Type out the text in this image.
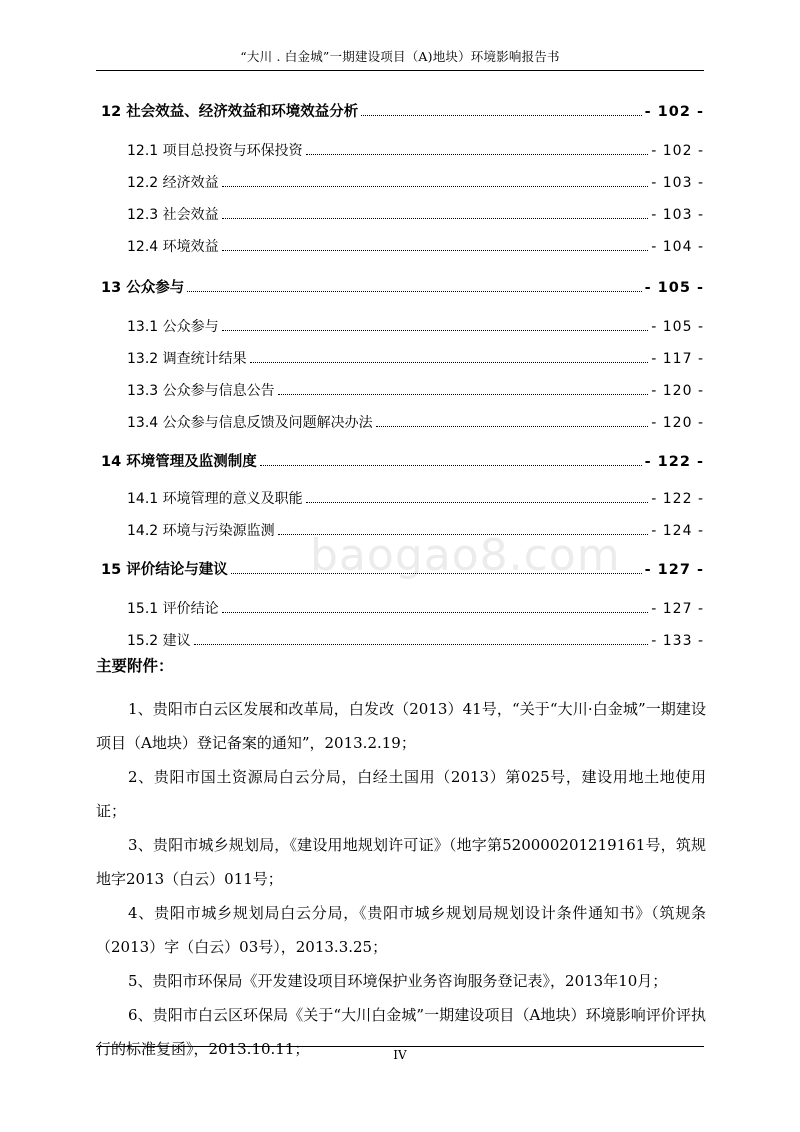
“大川 . 白金城”一期建设项目（A)地块）环境影响报告书
baogao8.com
12 社会效益、经济效益和环境效益分析	- 102 -
12.1 项目总投资与环保投资	- 102 -
12.2 经济效益	- 103 -
12.3 社会效益	- 103 -
12.4 环境效益	- 104 -
13 公众参与	- 105 -
13.1 公众参与	- 105 -
13.2 调查统计结果	- 117 -
13.3 公众参与信息公告	- 120 -
13.4 公众参与信息反馈及问题解决办法	- 120 -
14 环境管理及监测制度	- 122 -
14.1 环境管理的意义及职能	- 122 -
14.2 环境与污染源监测	- 124 -
15 评价结论与建议	- 127 -
15.1 评价结论	- 127 -
15.2 建议	- 133 -
主要附件：

1、贵阳市白云区发展和改革局，白发改（2013）41号，“关于“大川·白金城”一期建设项目（A地块）登记备案的通知”，2013.2.19；

2、贵阳市国土资源局白云分局，白经土国用（2013）第025号，建设用地土地使用证；

3、贵阳市城乡规划局，《建设用地规划许可证》（地字第520000201219161号，筑规地字2013（白云）011号；

4、贵阳市城乡规划局白云分局，《贵阳市城乡规划局规划设计条件通知书》（筑规条（2013）字（白云）03号），2013.3.25；

5、贵阳市环保局《开发建设项目环境保护业务咨询服务登记表》，2013年10月；

6、贵阳市白云区环保局《关于“大川白金城”一期建设项目（A地块）环境影响评价评执行的标准复函》，2013.10.11；	IV
